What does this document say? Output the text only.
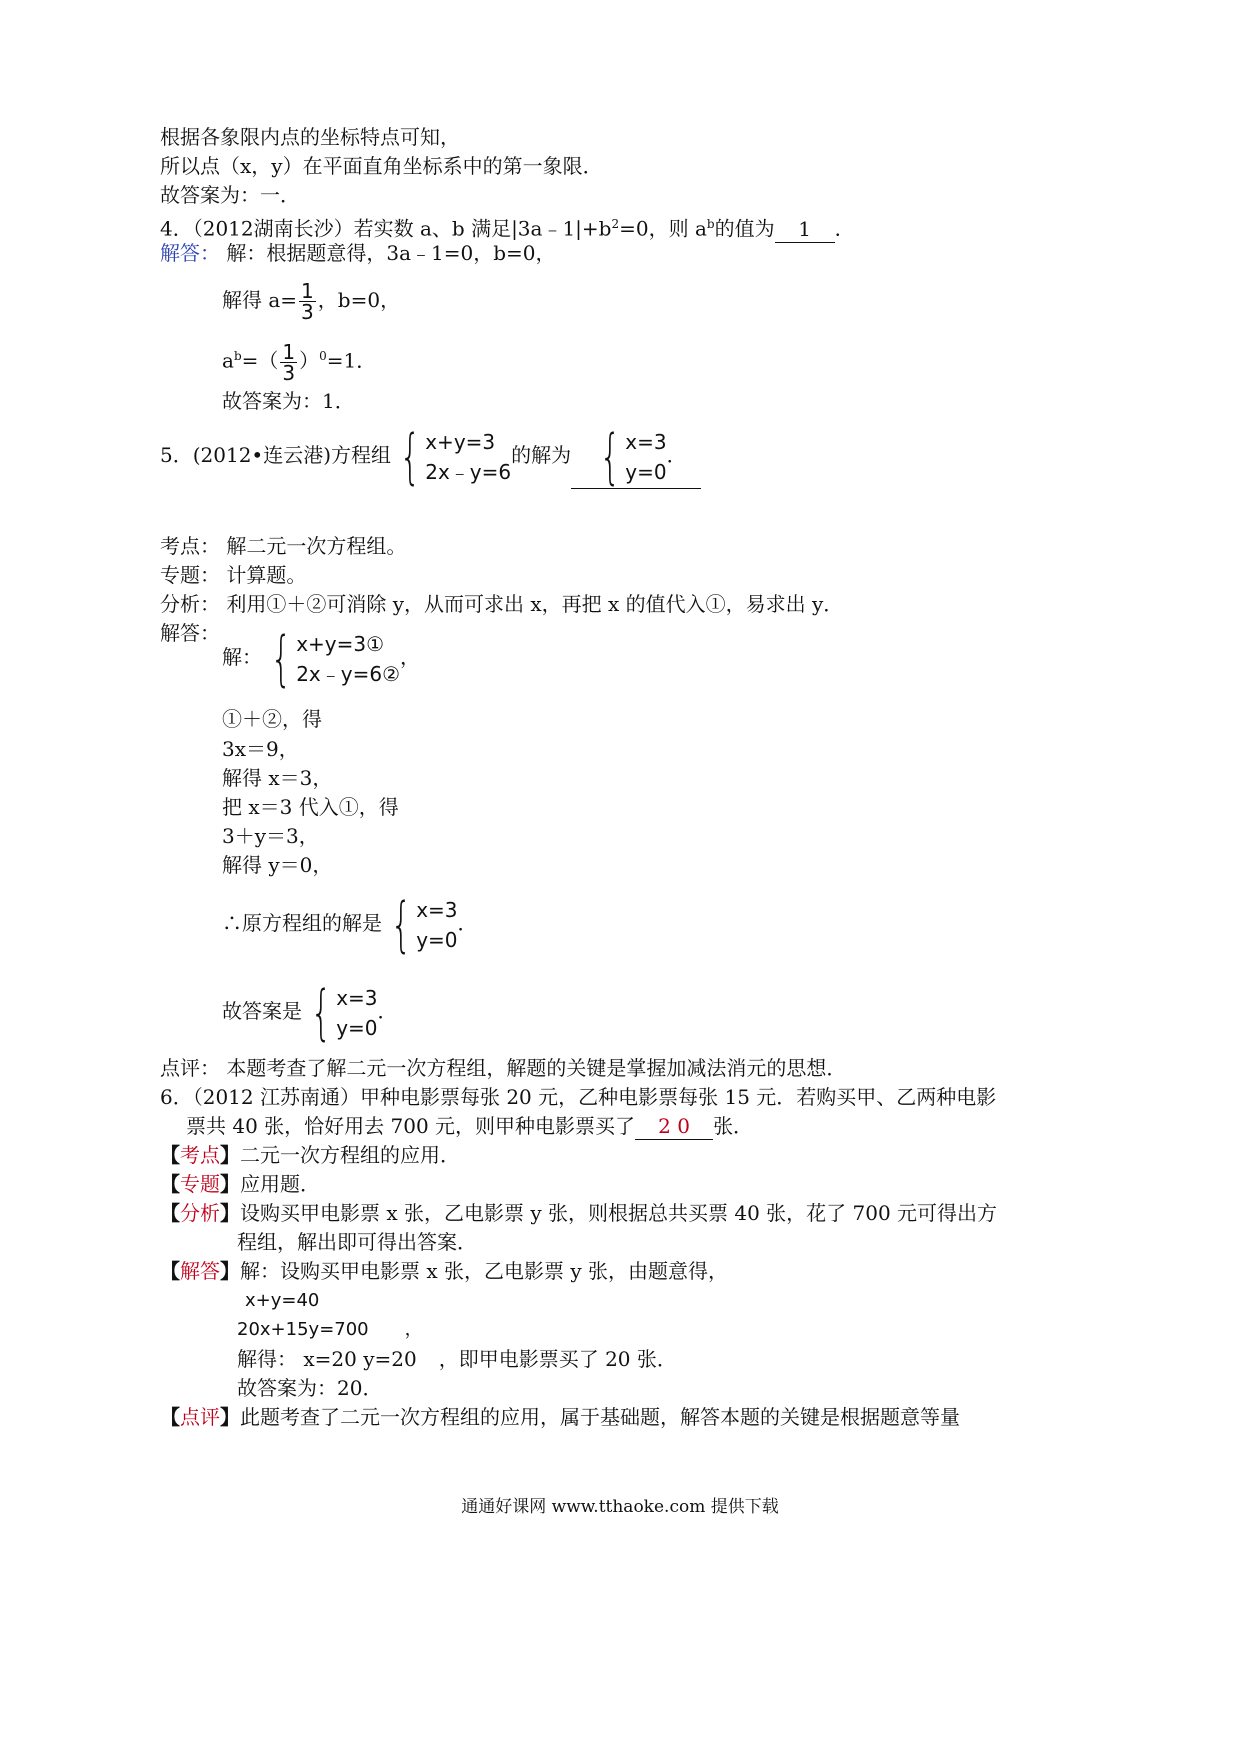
根据各象限内点的坐标特点可知，
所以点（x，y）在平面直角坐标系中的第一象限．
故答案为：一．
4．（2012湖南长沙）若实数 a、b 满足$|3a﹣1|+b^2=0$，则 $a^b$的值为 1 ．
解答： 解：根据题意得，3a﹣1=0，b=0，
解得 $a= \frac{1}{3}$ ，b=0，
$a^b=( \frac{1}{3} )^0=1$．
故答案为：1．
5．(2012•连云港)方程组 { x+y=3
2x﹣y=6
的解为 { x=3
y=0
．
考点： 解二元一次方程组。
专题： 计算题。
分析： 利用①＋②可消除 y，从而可求出 x，再把 x 的值代入①，易求出 y．
解答：
解： { x+y=3①
2x﹣y=6②
，
①＋②，得
3x＝9，
解得 x＝3，
把 x＝3 代入①，得
3＋y＝3，
解得 y＝0，
∴原方程组的解是 { x=3
y=0
．
故答案是 { x=3
y=0
．
点评： 本题考查了解二元一次方程组，解题的关键是掌握加减法消元的思想．
6．（2012 江苏南通）甲种电影票每张 20 元，乙种电影票每张 15 元．若购买甲、乙两种电影
票共 40 张，恰好用去 700 元，则甲种电影票买了 2 0 张．
【考点】二元一次方程组的应用．
【专题】应用题．
【分析】设购买甲电影票 x 张，乙电影票 y 张，则根据总共买票 40 张，花了 700 元可得出方
程组，解出即可得出答案．
【解答】解：设购买甲电影票 x 张，乙电影票 y 张，由题意得，
x+y=40
20x+15y=700 ，
解得： x=20 y=20 ，即甲电影票买了 20 张．
故答案为：20．
【点评】此题考查了二元一次方程组的应用，属于基础题，解答本题的关键是根据题意等量
通通好课网 www.tthaoke.com 提供下载
